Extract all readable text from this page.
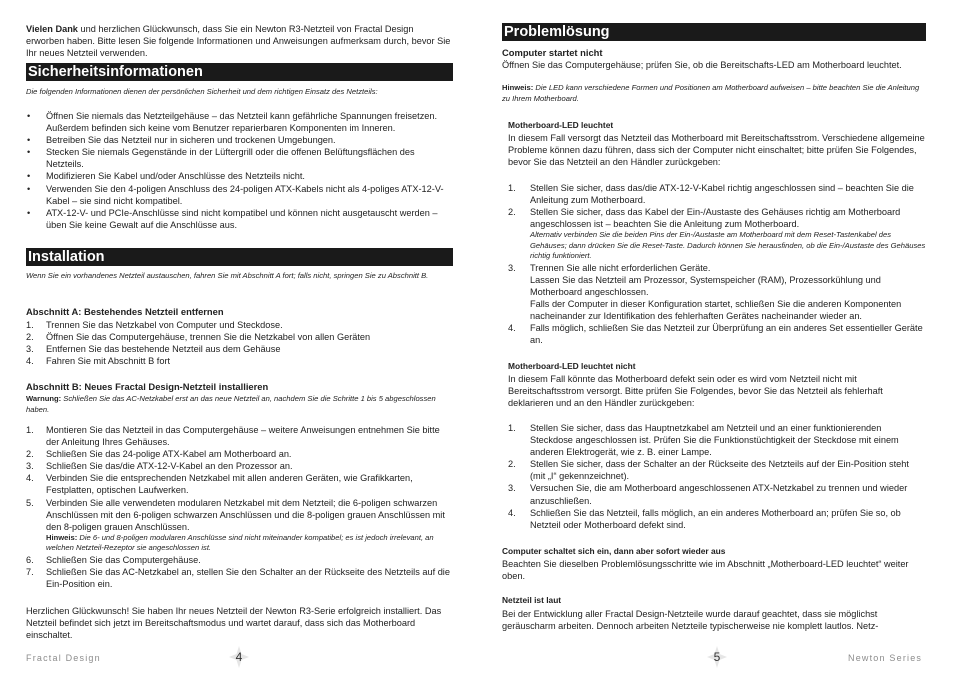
Vielen Dank und herzlichen Glückwunsch, dass Sie ein Newton R3-Netzteil von Fractal Design erworben haben. Bitte lesen Sie folgende Informationen und Anweisungen aufmerksam durch, bevor Sie Ihr neues Netzteil verwenden.

Sicherheitsinformationen

Die folgenden Informationen dienen der persönlichen Sicherheit und dem richtigen Einsatz des Netzteils:

• Öffnen Sie niemals das Netzteilgehäuse – das Netzteil kann gefährliche Spannungen freisetzen. Außerdem befinden sich keine vom Benutzer reparierbaren Komponenten im Inneren.
• Betreiben Sie das Netzteil nur in sicheren und trockenen Umgebungen.
• Stecken Sie niemals Gegenstände in der Lüftergrill oder die offenen Belüftungsflächen des Netzteils.
• Modifizieren Sie Kabel und/oder Anschlüsse des Netzteils nicht.
• Verwenden Sie den 4-poligen Anschluss des 24-poligen ATX-Kabels nicht als 4-poliges ATX-12-V-Kabel – sie sind nicht kompatibel.
• ATX-12-V- und PCIe-Anschlüsse sind nicht kompatibel und können nicht ausgetauscht werden – üben Sie keine Gewalt auf die Anschlüsse aus.
Installation

Wenn Sie ein vorhandenes Netzteil austauschen, fahren Sie mit Abschnitt A fort; falls nicht, springen Sie zu Abschnitt B.

Abschnitt A: Bestehendes Netzteil entfernen

1. Trennen Sie das Netzkabel von Computer und Steckdose.
2. Öffnen Sie das Computergehäuse, trennen Sie die Netzkabel von allen Geräten
3. Entfernen Sie das bestehende Netzteil aus dem Gehäuse
4. Fahren Sie mit Abschnitt B fort

Abschnitt B: Neues Fractal Design-Netzteil installieren

Warnung: Schließen Sie das AC-Netzkabel erst an das neue Netzteil an, nachdem Sie die Schritte 1 bis 5 abgeschlossen haben.

1. Montieren Sie das Netzteil in das Computergehäuse – weitere Anweisungen entnehmen Sie bitte der Anleitung Ihres Gehäuses.
2. Schließen Sie das 24-polige ATX-Kabel am Motherboard an.
3. Schließen Sie das/die ATX-12-V-Kabel an den Prozessor an.
4. Verbinden Sie die entsprechenden Netzkabel mit allen anderen Geräten, wie Grafikkarten, Festplatten, optischen Laufwerken.
5. Verbinden Sie alle verwendeten modularen Netzkabel mit dem Netzteil; die 6-poligen schwarzen Anschlüssen mit den 6-poligen schwarzen Anschlüssen und die 8-poligen grauen Anschlüssen mit den 8-poligen grauen Anschlüssen.

Hinweis: Die 6- und 8-poligen modularen Anschlüsse sind nicht miteinander kompatibel; es ist jedoch irrelevant, an welchen Netzteil-Rezeptor sie angeschlossen ist.

6. Schließen Sie das Computergehäuse.
7. Schließen Sie das AC-Netzkabel an, stellen Sie den Schalter an der Rückseite des Netzteils auf die Ein-Position ein.

Herzlichen Glückwunsch! Sie haben Ihr neues Netzteil der Newton R3-Serie erfolgreich installiert. Das Netzteil befindet sich jetzt im Bereitschaftsmodus und wartet darauf, dass sich das Motherboard einschaltet.

Problemlösung

Computer startet nicht

Öffnen Sie das Computergehäuse; prüfen Sie, ob die Bereitschafts-LED am Motherboard leuchtet.

Hinweis: Die LED kann verschiedene Formen und Positionen am Motherboard aufweisen – bitte beachten Sie die Anleitung zu Ihrem Motherboard.

Motherboard-LED leuchtet

In diesem Fall versorgt das Netzteil das Motherboard mit Bereitschaftsstrom. Verschiedene allgemeine Probleme können dazu führen, dass sich der Computer nicht einschaltet; bitte prüfen Sie Folgendes, bevor Sie das Netzteil an den Händler zurückgeben:

1. Stellen Sie sicher, dass das/die ATX-12-V-Kabel richtig angeschlossen sind – beachten Sie die Anleitung zum Motherboard.
2. Stellen Sie sicher, dass das Kabel der Ein-/Austaste des Gehäuses richtig am Motherboard angeschlossen ist – beachten Sie die Anleitung zum Motherboard.

Alternativ verbinden Sie die beiden Pins der Ein-/Austaste am Motherboard mit dem Reset-Tastenkabel des Gehäuses; dann drücken Sie die Reset-Taste. Dadurch können Sie herausfinden, ob die Ein-/Austaste des Gehäuses richtig funktioniert.

3. Trennen Sie alle nicht erforderlichen Geräte.
Lassen Sie das Netzteil am Prozessor, Systemspeicher (RAM), Prozessorkühlung und Motherboard angeschlossen.
Falls der Computer in dieser Konfiguration startet, schließen Sie die anderen Komponenten nacheinander zur Identifikation des fehlerhaften Gerätes nacheinander wieder an.
4. Falls möglich, schließen Sie das Netzteil zur Überprüfung an ein anderes Set essentieller Geräte an.

Motherboard-LED leuchtet nicht

In diesem Fall könnte das Motherboard defekt sein oder es wird vom Netzteil nicht mit Bereitschaftsstrom versorgt. Bitte prüfen Sie Folgendes, bevor Sie das Netzteil als fehlerhaft deklarieren und an den Händler zurückgeben:

1. Stellen Sie sicher, dass das Hauptnetzkabel am Netzteil und an einer funktionierenden Steckdose angeschlossen ist. Prüfen Sie die Funktionstüchtigkeit der Steckdose mit einem anderen Elektrogerät, wie z. B. einer Lampe.
2. Stellen Sie sicher, dass der Schalter an der Rückseite des Netzteils auf der Ein-Position steht (mit „I“ gekennzeichnet).
3. Versuchen Sie, die am Motherboard angeschlossenen ATX-Netzkabel zu trennen und wieder anzuschließen.
4. Schließen Sie das Netzteil, falls möglich, an ein anderes Motherboard an; prüfen Sie so, ob Netzteil oder Motherboard defekt sind.

Computer schaltet sich ein, dann aber sofort wieder aus

Beachten Sie dieselben Problemlösungsschritte wie im Abschnitt „Motherboard-LED leuchtet“ weiter oben.

Netzteil ist laut

Bei der Entwicklung aller Fractal Design-Netzteile wurde darauf geachtet, dass sie möglichst geräuscharm arbeiten. Dennoch arbeiten Netzteile typischerweise nie komplett lautlos. Netz-

Fractal Design	4	5	Newton Series
